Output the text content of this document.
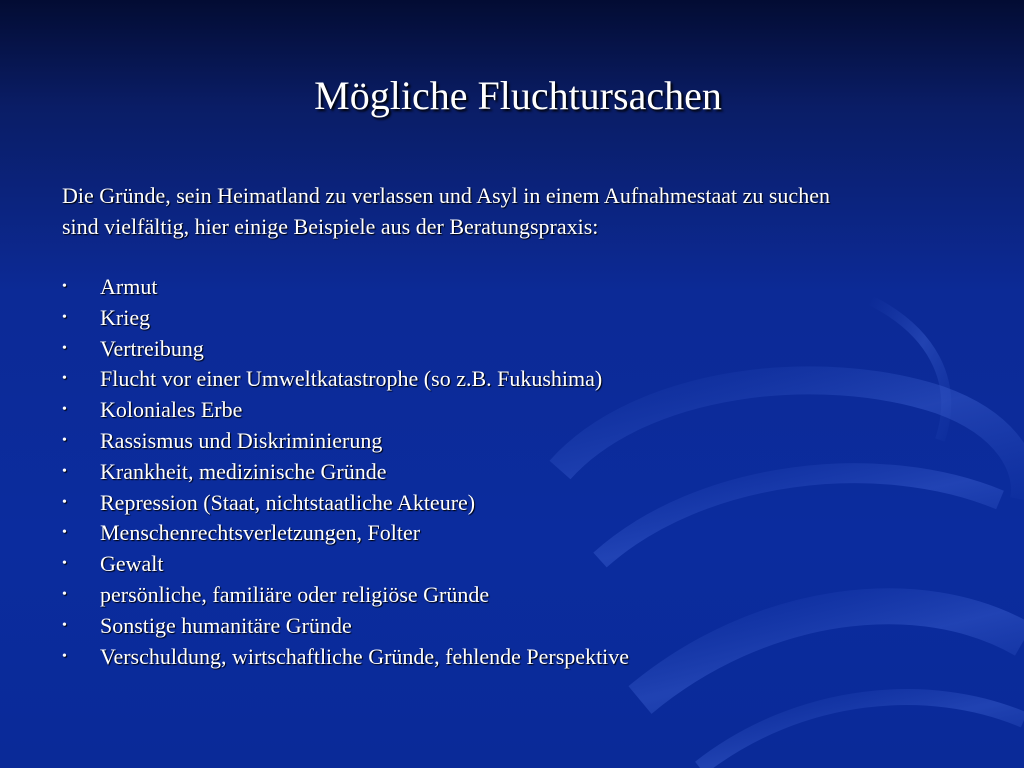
Mögliche Fluchtursachen

Die Gründe, sein Heimatland zu verlassen und Asyl in einem Aufnahmestaat zu suchen
sind vielfältig, hier einige Beispiele aus der Beratungspraxis:

• Armut
• Krieg
• Vertreibung
• Flucht vor einer Umweltkatastrophe (so z.B. Fukushima)
• Koloniales Erbe
• Rassismus und Diskriminierung
• Krankheit, medizinische Gründe
• Repression (Staat, nichtstaatliche Akteure)
• Menschenrechtsverletzungen, Folter
• Gewalt
• persönliche, familiäre oder religiöse Gründe
• Sonstige humanitäre Gründe
• Verschuldung, wirtschaftliche Gründe, fehlende Perspektive
